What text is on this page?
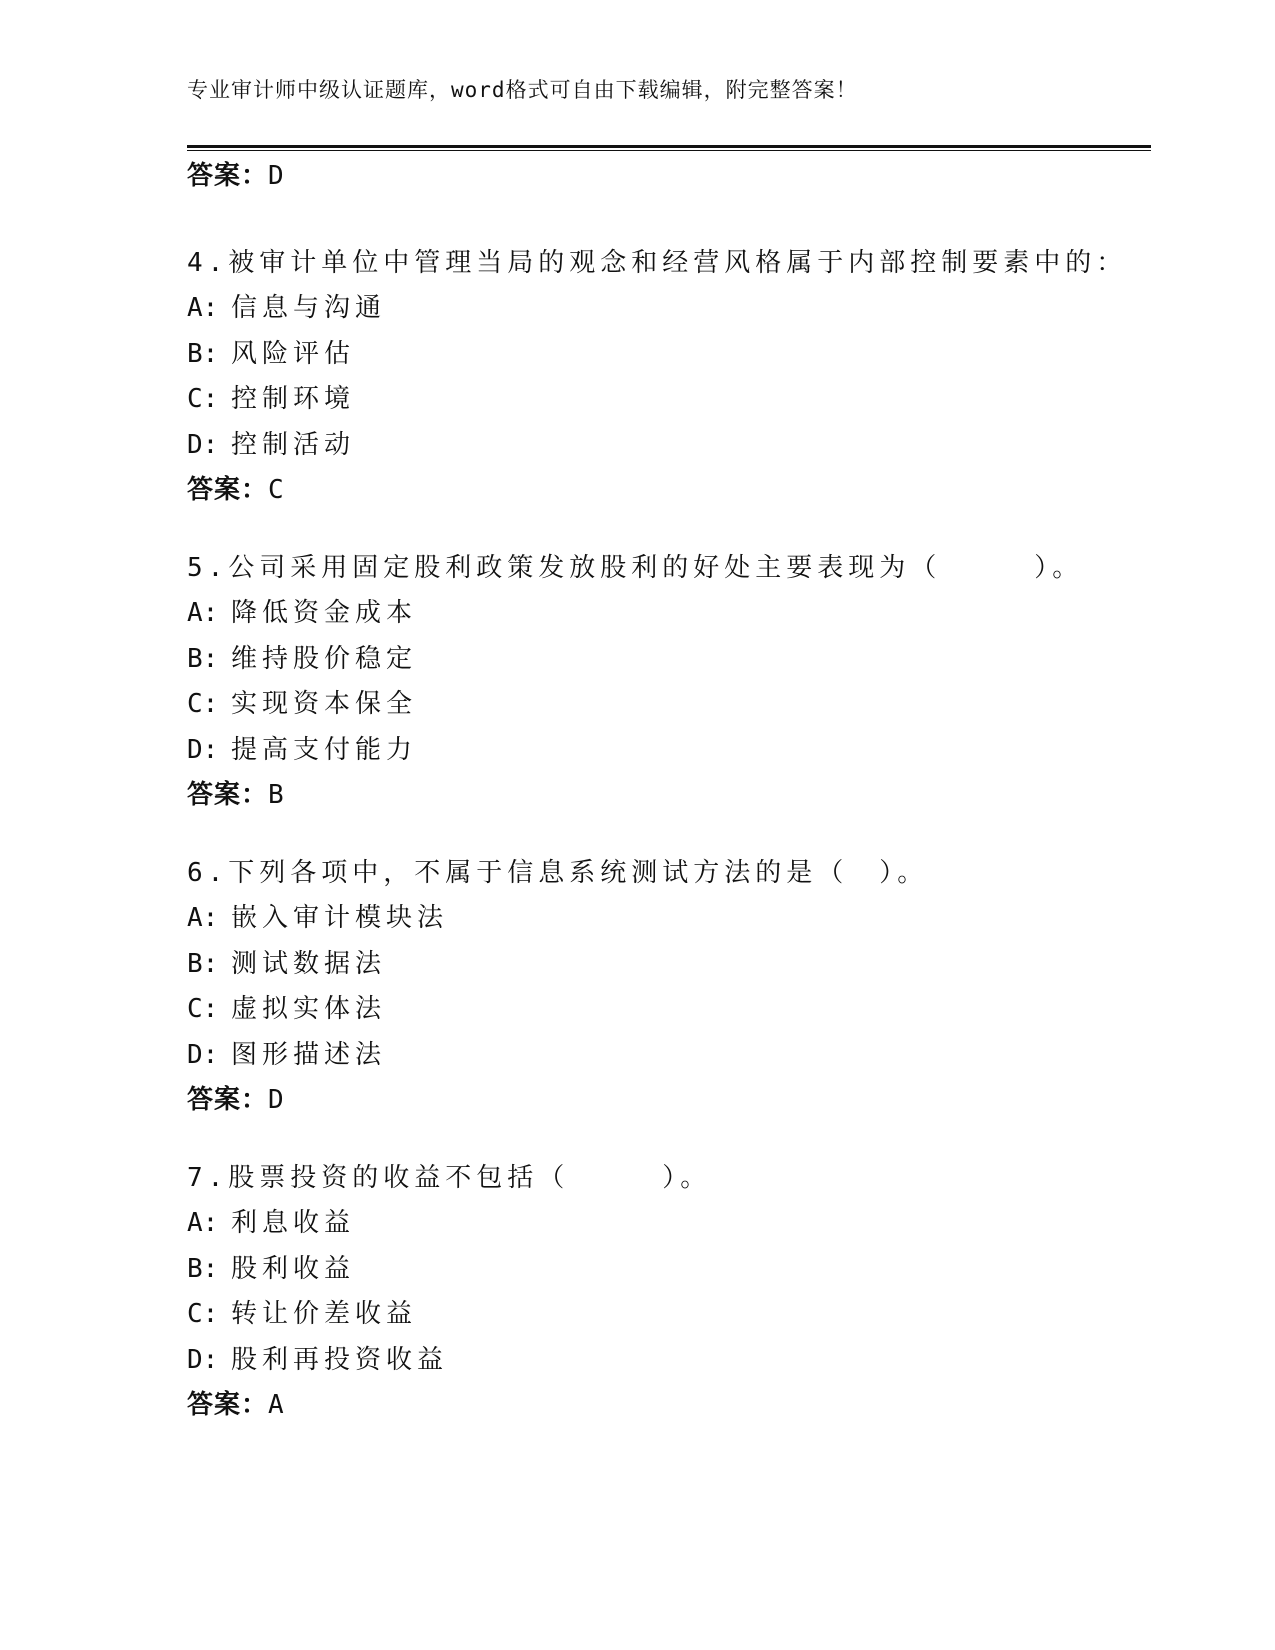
专业审计师中级认证题库，word格式可自由下载编辑，附完整答案！
答案：D
4.被审计单位中管理当局的观念和经营风格属于内部控制要素中的：
A: 信息与沟通
B: 风险评估
C: 控制环境
D: 控制活动
答案：C
5.公司采用固定股利政策发放股利的好处主要表现为（　　　）。
A: 降低资金成本
B: 维持股价稳定
C: 实现资本保全
D: 提高支付能力
答案：B
6.下列各项中，不属于信息系统测试方法的是（　）。
A: 嵌入审计模块法
B: 测试数据法
C: 虚拟实体法
D: 图形描述法
答案：D
7.股票投资的收益不包括（　　　）。
A: 利息收益
B: 股利收益
C: 转让价差收益
D: 股利再投资收益
答案：A
